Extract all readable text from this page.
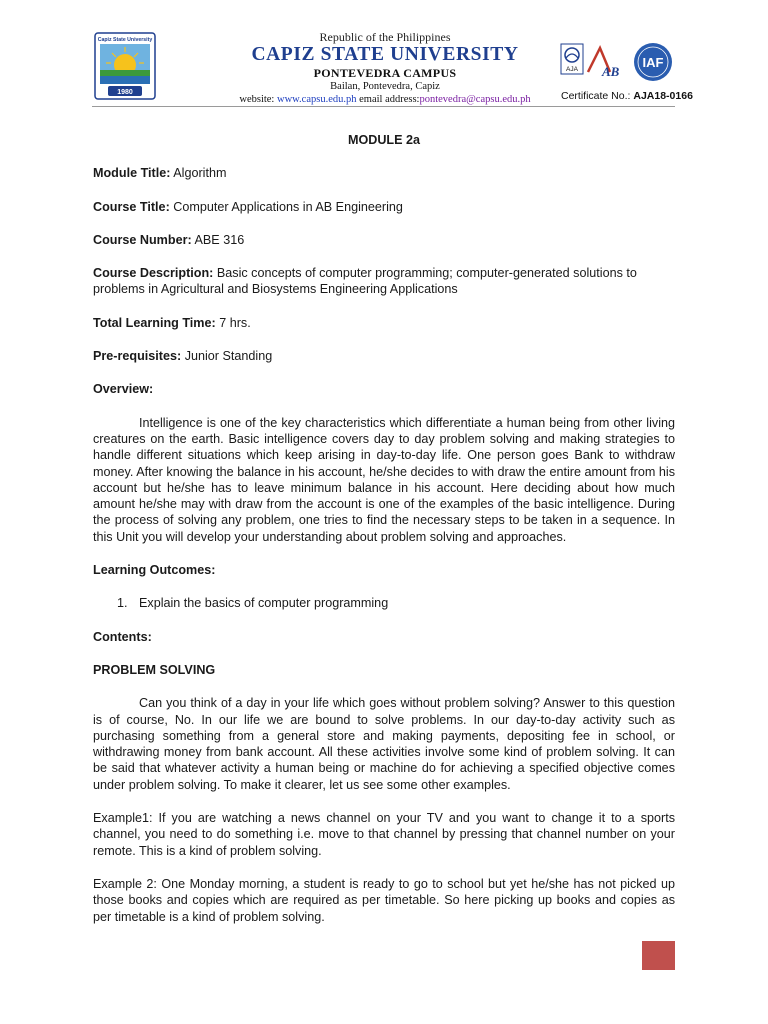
Capiz State University
1980
Republic of the Philippines
CAPIZ STATE UNIVERSITY
PONTEVEDRA CAMPUS
Bailan, Pontevedra, Capiz
website: www.capsu.edu.ph email address:pontevedra@capsu.edu.ph
AJA AB
IAF
Certificate No.: AJA18-0166
MODULE 2a
Module Title: Algorithm
Course Title: Computer Applications in AB Engineering
Course Number: ABE 316
Course Description: Basic concepts of computer programming; computer-generated solutions to problems in Agricultural and Biosystems Engineering Applications
Total Learning Time: 7 hrs.
Pre-requisites: Junior Standing
Overview:
Intelligence is one of the key characteristics which differentiate a human being from other living creatures on the earth. Basic intelligence covers day to day problem solving and making strategies to handle different situations which keep arising in day-to-day life. One person goes Bank to withdraw money. After knowing the balance in his account, he/she decides to with draw the entire amount from his account but he/she has to leave minimum balance in his account. Here deciding about how much amount he/she may with draw from the account is one of the examples of the basic intelligence. During the process of solving any problem, one tries to find the necessary steps to be taken in a sequence. In this Unit you will develop your understanding about problem solving and approaches.
Learning Outcomes:
1. Explain the basics of computer programming
Contents:
PROBLEM SOLVING
Can you think of a day in your life which goes without problem solving? Answer to this question is of course, No. In our life we are bound to solve problems. In our day-to-day activity such as purchasing something from a general store and making payments, depositing fee in school, or withdrawing money from bank account. All these activities involve some kind of problem solving. It can be said that whatever activity a human being or machine do for achieving a specified objective comes under problem solving. To make it clearer, let us see some other examples.
Example1: If you are watching a news channel on your TV and you want to change it to a sports channel, you need to do something i.e. move to that channel by pressing that channel number on your remote. This is a kind of problem solving.
Example 2: One Monday morning, a student is ready to go to school but yet he/she has not picked up those books and copies which are required as per timetable. So here picking up books and copies as per timetable is a kind of problem solving.
